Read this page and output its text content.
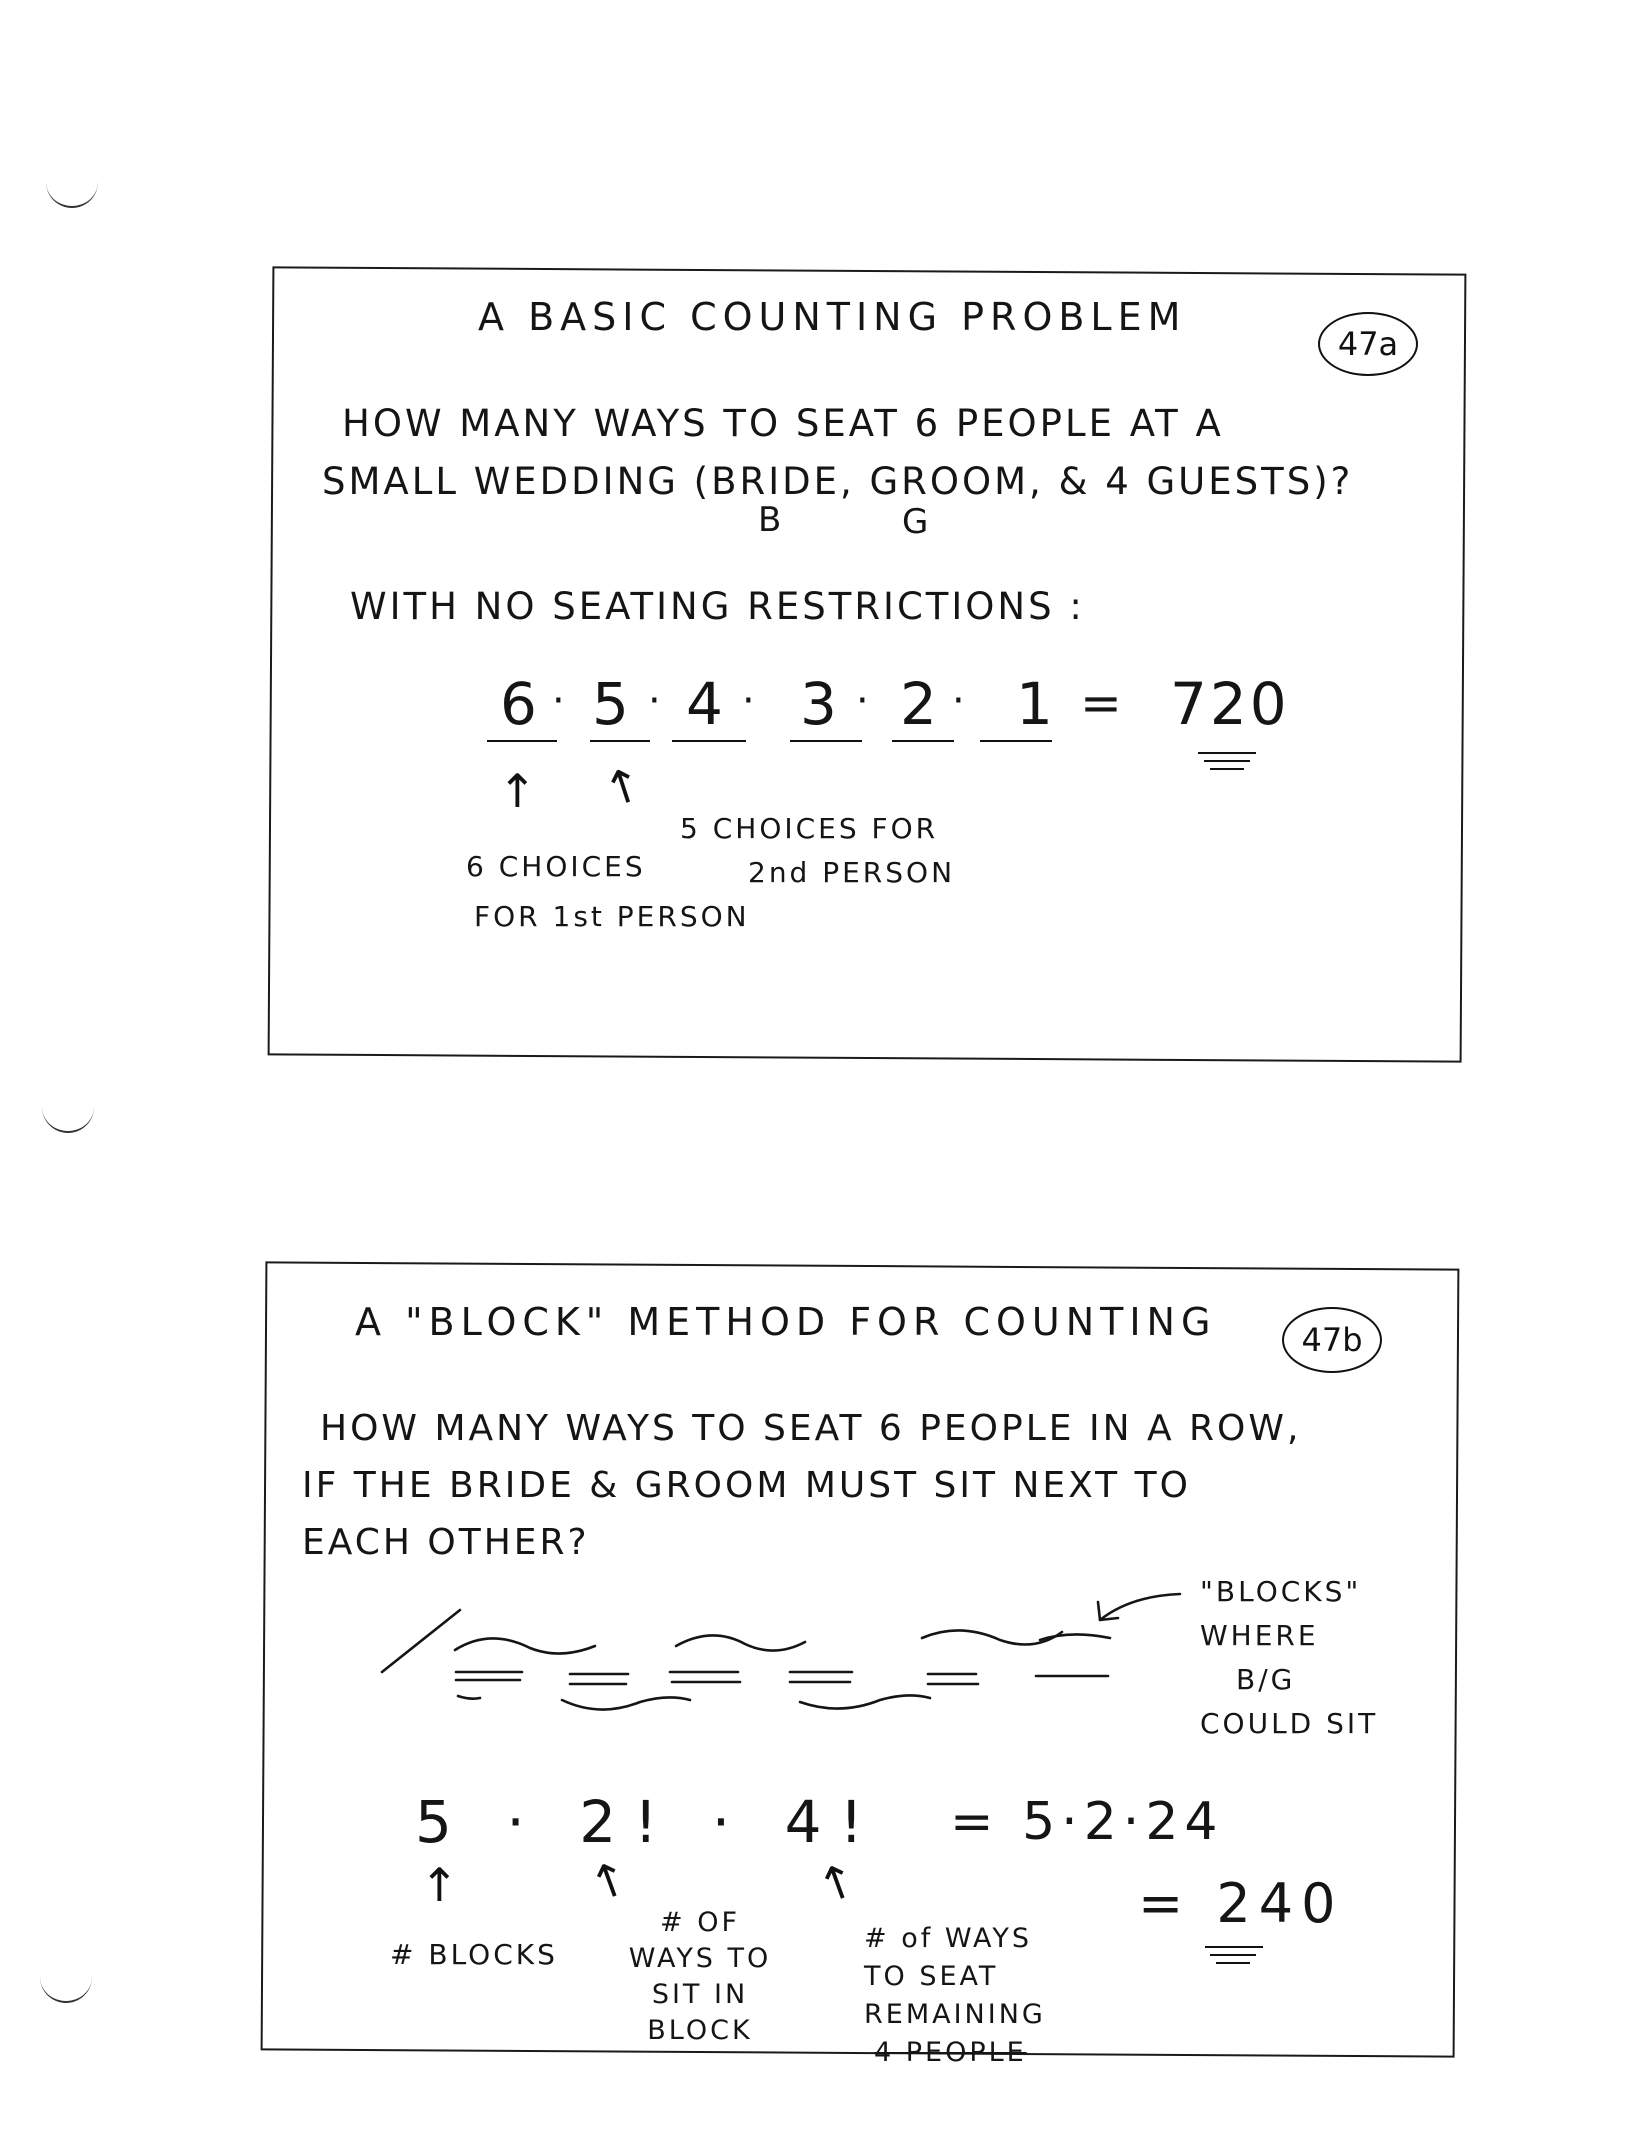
A BASIC COUNTING PROBLEM
47a
HOW MANY WAYS TO SEAT 6 PEOPLE AT A
SMALL WEDDING (BRIDE, GROOM, & 4 GUESTS)?
B	G
WITH NO SEATING RESTRICTIONS :
6 · 5 · 4 · 3 · 2 · 1 = 720
↑ ↑
6 CHOICES
FOR 1st PERSON
5 CHOICES FOR
2nd PERSON
A "BLOCK" METHOD FOR COUNTING	47b
HOW MANY WAYS TO SEAT 6 PEOPLE IN A ROW,
IF THE BRIDE & GROOM MUST SIT NEXT TO
EACH OTHER?
"BLOCKS"
WHERE
B/G
COULD SIT
5 · 2! · 4! = 5·2·24
= 240
↑	↑	↑
# BLOCKS
# OF
WAYS TO
SIT IN
BLOCK
# of WAYS
TO SEAT
REMAINING
4 PEOPLE
